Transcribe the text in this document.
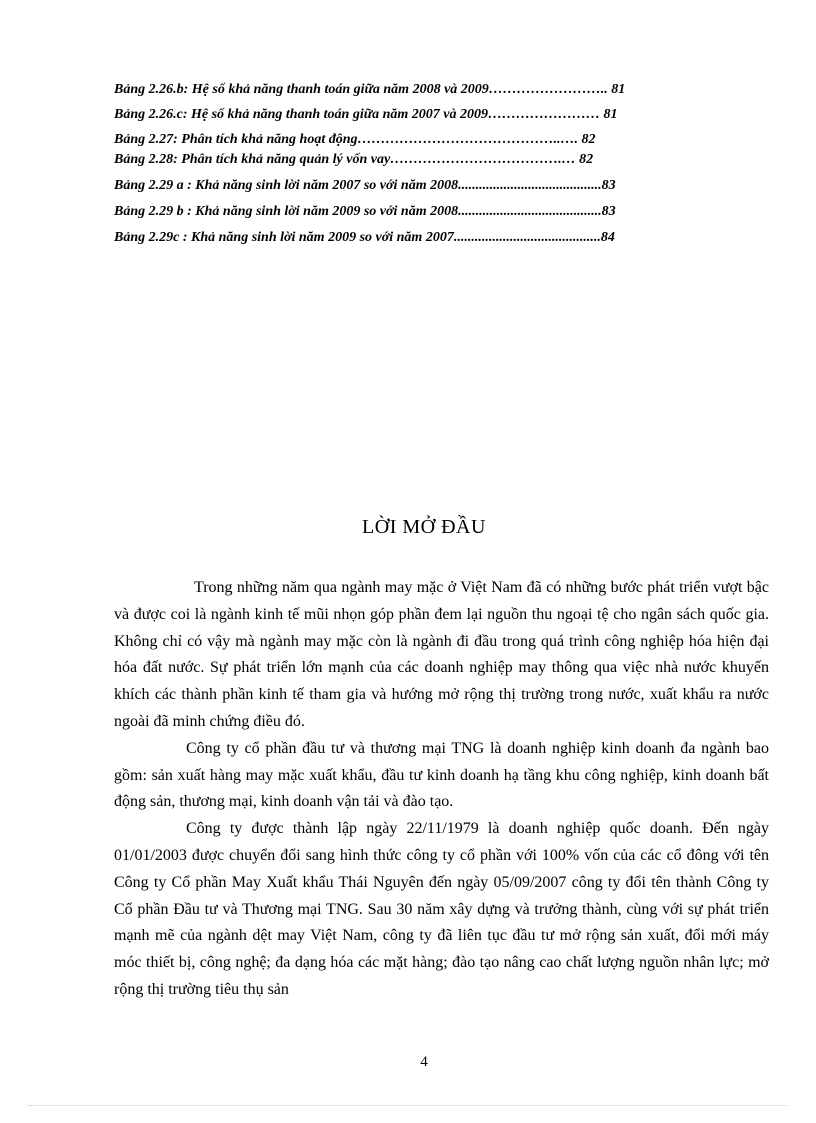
Bảng 2.26.b: Hệ số khả năng thanh toán giữa năm 2008 và 2009…………………….. 81

Bảng 2.26.c: Hệ số khả năng thanh toán giữa năm 2007 và 2009…………………… 81

Bảng 2.27: Phân tích khả năng hoạt động……………………………………..…. 82

Bảng 2.28: Phân tích khả năng quản lý vốn vay……………………………….… 82

Bảng 2.29 a : Khả năng sinh lời năm 2007 so với năm 2008.........................................83

Bảng 2.29 b : Khả năng sinh lời năm 2009 so với năm 2008.........................................83

Bảng 2.29c : Khả năng sinh lời năm 2009 so với năm 2007..........................................84

LỜI MỞ ĐẦU

Trong những năm qua ngành may mặc ở Việt Nam đã có những bước phát triển vượt bậc và được coi là ngành kinh tế mũi nhọn góp phần đem lại nguồn thu ngoại tệ cho ngân sách quốc gia. Không chỉ có vậy mà ngành may mặc còn là ngành đi đầu trong quá trình công nghiệp hóa hiện đại hóa đất nước. Sự phát triển lớn mạnh của các doanh nghiệp may thông qua việc nhà nước khuyến khích các thành phần kinh tế tham gia và hướng mở rộng thị trường trong nước, xuất khẩu ra nước ngoài đã minh chứng điều đó.

Công ty cổ phần đầu tư và thương mại TNG là doanh nghiệp kinh doanh đa ngành bao gồm: sản xuất hàng may mặc xuất khẩu, đầu tư kinh doanh hạ tầng khu công nghiệp, kinh doanh bất động sản, thương mại, kinh doanh vận tải và đào tạo.

Công ty được thành lập ngày 22/11/1979 là doanh nghiệp quốc doanh. Đến ngày 01/01/2003 được chuyển đổi sang hình thức công ty cổ phần với 100% vốn của các cổ đông với tên Công ty Cổ phần May Xuất khẩu Thái Nguyên đến ngày 05/09/2007 công ty đổi tên thành Công ty Cổ phần Đầu tư và Thương mại TNG. Sau 30 năm xây dựng và trưởng thành, cùng với sự phát triển mạnh mẽ của ngành dệt may Việt Nam, công ty đã liên tục đầu tư mở rộng sản xuất, đổi mới máy móc thiết bị, công nghệ; đa dạng hóa các mặt hàng; đào tạo nâng cao chất lượng nguồn nhân lực; mở rộng thị trường tiêu thụ sản

4
